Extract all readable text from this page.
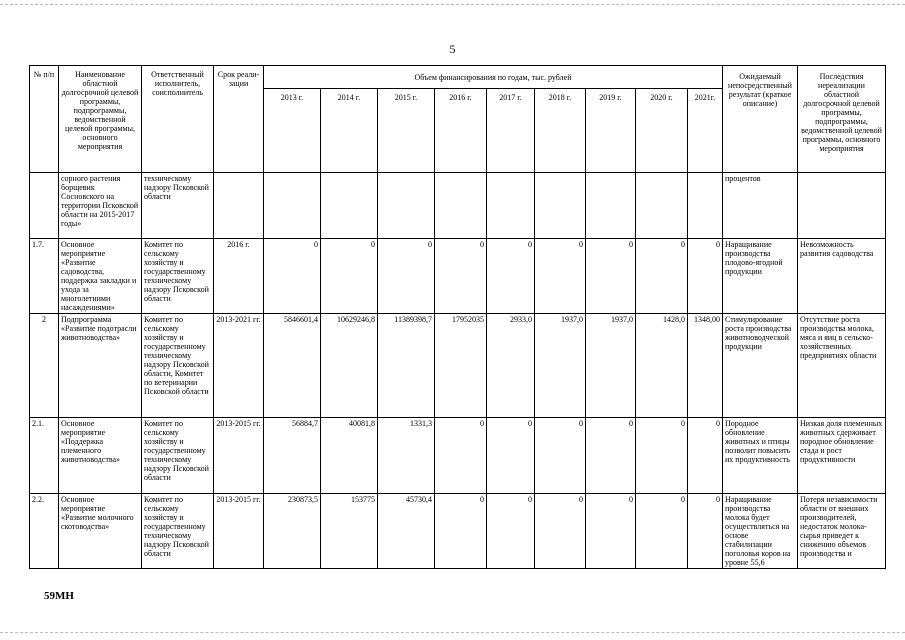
5
№ п/п	Наименование областной долгосрочной целевой программы, подпрограммы, ведомственной целевой программы, основного мероприятия	Ответственный исполнитель, соисполнитель	Срок реали-зации	Объем финансирования по годам, тыс. рублей									Ожидаемый непосредственный результат (краткое описание)	Последствия нереализации областной долгосрочной целевой программы, подпрограммы, ведомственной целевой программы, основного мероприятия
				2013 г.	2014 г.	2015 г.	2016 г.	2017 г.	2018 г.	2019 г.	2020 г.	2021г.		
	сорного растения борщевик Сосновского на территории Псковской области на 2015-2017 годы»	техническому надзору Псковской области											процентов	
1.7.	Основное мероприятие «Развитие садоводства, поддержка закладки и ухода за многолетними насаждениями»	Комитет по сельскому хозяйству и государственному техническому надзору Псковской области	2016 г.	0	0	0	0	0	0	0	0	0	Наращивание производства плодово-ягодной продукции	Невозможность развития садоводства
2	Подпрограмма «Развитие подотрасли животноводства»	Комитет по сельскому хозяйству и государственному техническому надзору Псковской области, Комитет по ветеринарии Псковской области	2013-2021 гг.	5846601,4	10629246,8	11389398,7	17952035	2933,0	1937,0	1937,0	1428,0	1348,00	Стимулирование роста производства животноводческой продукции	Отсутствие роста производства молока, мяса и яиц в сельско-хозяйственных предприятиях области
2.1.	Основное мероприятие «Поддержка племенного животноводства»	Комитет по сельскому хозяйству и государственному техническому надзору Псковской области	2013-2015 гг.	56884,7	40081,8	1331,3	0	0	0	0	0	0	Породное обновление животных и птицы позволит повысить их продуктивность	Низкая доля племенных животных сдерживает породное обновление стада и рост продуктивности
2.2.	Основное мероприятие «Развитие молочного скотоводства»	Комитет по сельскому хозяйству и государственному техническому надзору Псковской области	2013-2015 гг.	230873,5	153775	45730,4	0	0	0	0	0	0	Наращивание производства молока будет осуществляться на основе стабилизации поголовья коров на уровне 55,6	Потеря независимости области от внешних производителей, недостаток молока-сырья приведет к снижению объемов производства и
59МН
